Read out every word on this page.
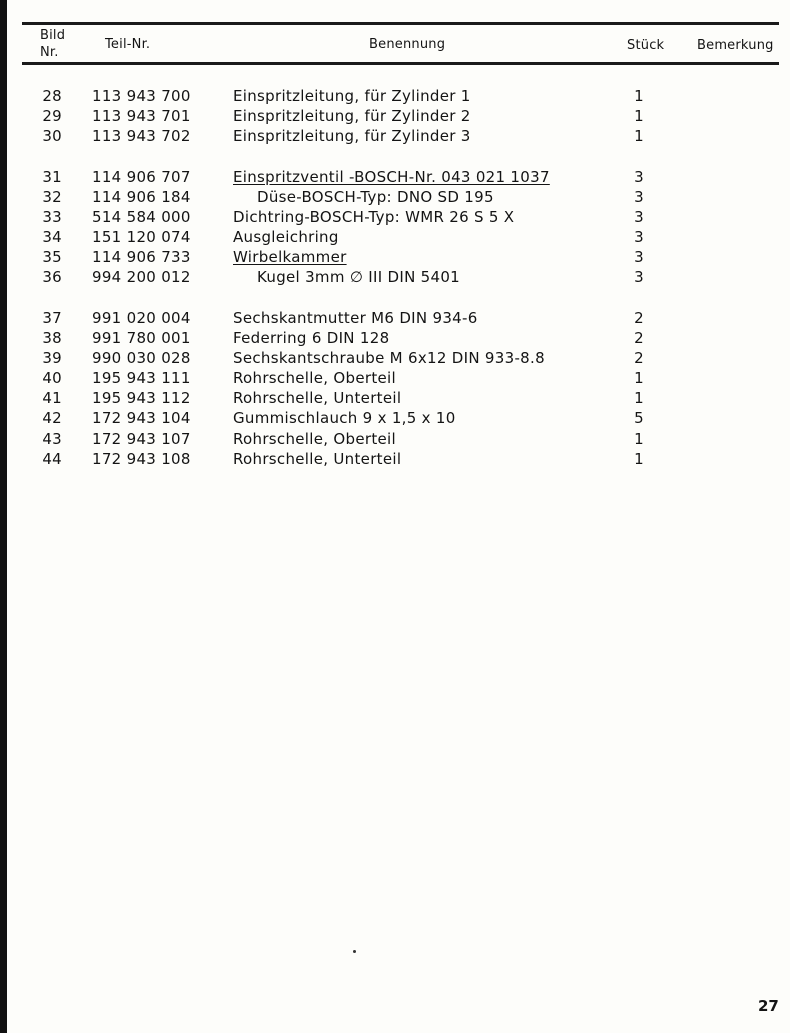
Bild
Nr.
Teil-Nr.	Benennung	Stück	Bemerkung
28 113 943 700	Einspritzleitung, für Zylinder 1	1
29 113 943 701	Einspritzleitung, für Zylinder 2	1
30 113 943 702	Einspritzleitung, für Zylinder 3	1
31 114 906 707	Einspritzventil -BOSCH-Nr. 043 021 1037	3
32 114 906 184	Düse-BOSCH-Typ: DNO SD 195	3
33 514 584 000	Dichtring-BOSCH-Typ: WMR 26 S 5 X	3
34 151 120 074	Ausgleichring	3
35 114 906 733	Wirbelkammer	3
36 994 200 012	Kugel 3mm ∅ III DIN 5401	3
37 991 020 004	Sechskantmutter M6 DIN 934-6	2
38 991 780 001	Federring 6 DIN 128	2
39 990 030 028	Sechskantschraube M 6x12 DIN 933-8.8	2
40 195 943 111	Rohrschelle, Oberteil	1
41 195 943 112	Rohrschelle, Unterteil	1
42 172 943 104	Gummischlauch 9 x 1,5 x 10	5
43 172 943 107	Rohrschelle, Oberteil	1
44 172 943 108	Rohrschelle, Unterteil	1
27
